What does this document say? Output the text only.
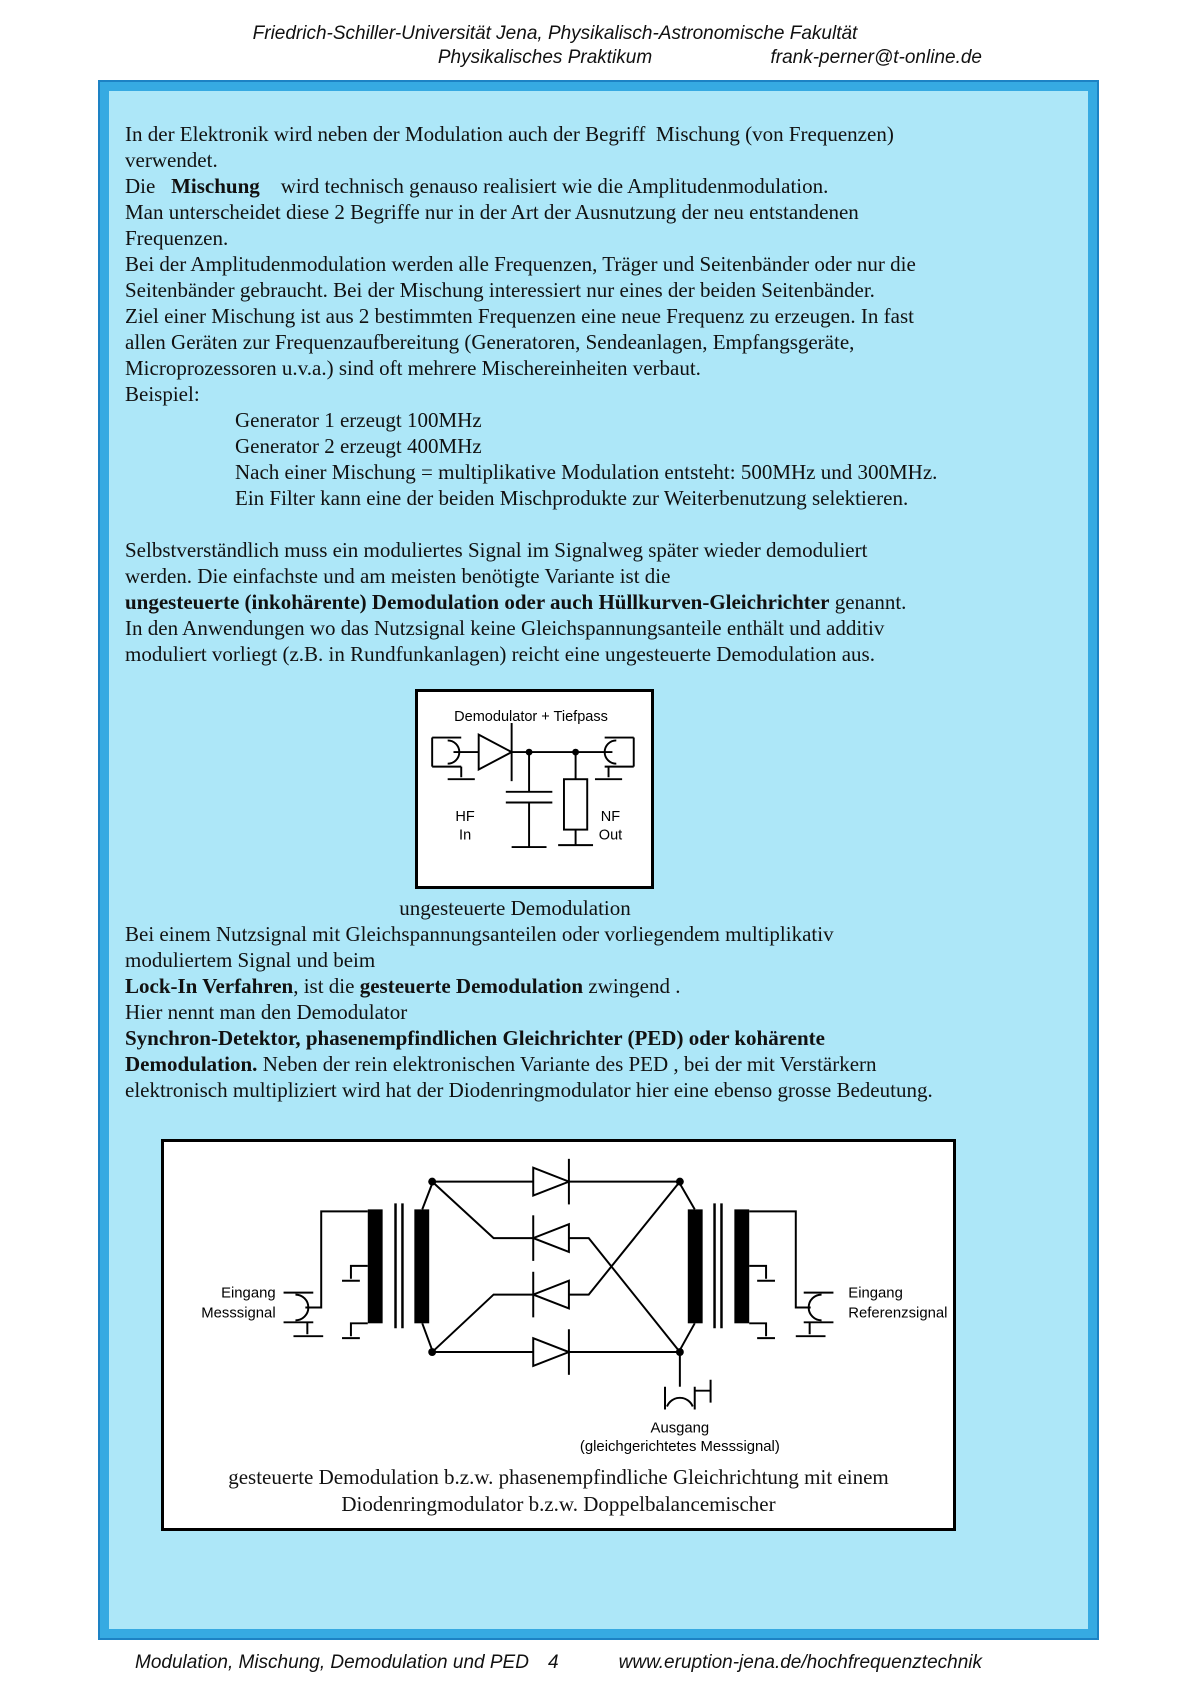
Friedrich-Schiller-Universität Jena, Physikalisch-Astronomische Fakultät
Physikalisches Praktikum	frank-perner@t-online.de
In der Elektronik wird neben der Modulation auch der Begriff  Mischung (von Frequenzen)
verwendet.
Die   Mischung    wird technisch genauso realisiert wie die Amplitudenmodulation.
Man unterscheidet diese 2 Begriffe nur in der Art der Ausnutzung der neu entstandenen
Frequenzen.
Bei der Amplitudenmodulation werden alle Frequenzen, Träger und Seitenbänder oder nur die
Seitenbänder gebraucht. Bei der Mischung interessiert nur eines der beiden Seitenbänder.
Ziel einer Mischung ist aus 2 bestimmten Frequenzen eine neue Frequenz zu erzeugen. In fast
allen Geräten zur Frequenzaufbereitung (Generatoren, Sendeanlagen, Empfangsgeräte,
Microprozessoren u.v.a.) sind oft mehrere Mischereinheiten verbaut.
Beispiel:
Generator 1 erzeugt 100MHz
Generator 2 erzeugt 400MHz
Nach einer Mischung = multiplikative Modulation entsteht: 500MHz und 300MHz.
Ein Filter kann eine der beiden Mischprodukte zur Weiterbenutzung selektieren.
Selbstverständlich muss ein moduliertes Signal im Signalweg später wieder demoduliert
werden. Die einfachste und am meisten benötigte Variante ist die
ungesteuerte (inkohärente) Demodulation oder auch Hüllkurven-Gleichrichter genannt.
In den Anwendungen wo das Nutzsignal keine Gleichspannungsanteile enthält und additiv
moduliert vorliegt (z.B. in Rundfunkanlagen) reicht eine ungesteuerte Demodulation aus.
Demodulator + Tiefpass
HF
In
NF
Out
ungesteuerte Demodulation
Bei einem Nutzsignal mit Gleichspannungsanteilen oder vorliegendem multiplikativ
moduliertem Signal und beim
Lock-In Verfahren, ist die gesteuerte Demodulation zwingend .
Hier nennt man den Demodulator
Synchron-Detektor, phasenempfindlichen Gleichrichter (PED) oder kohärente
Demodulation. Neben der rein elektronischen Variante des PED , bei der mit Verstärkern
elektronisch multipliziert wird hat der Diodenringmodulator hier eine ebenso grosse Bedeutung.
Eingang
Messsignal
Eingang
Referenzsignal
Ausgang
(gleichgerichtetes Messsignal)
gesteuerte Demodulation b.z.w. phasenempfindliche Gleichrichtung mit einem
Diodenringmodulator b.z.w. Doppelbalancemischer
Modulation, Mischung, Demodulation und PED 4	www.eruption-jena.de/hochfrequenztechnik
